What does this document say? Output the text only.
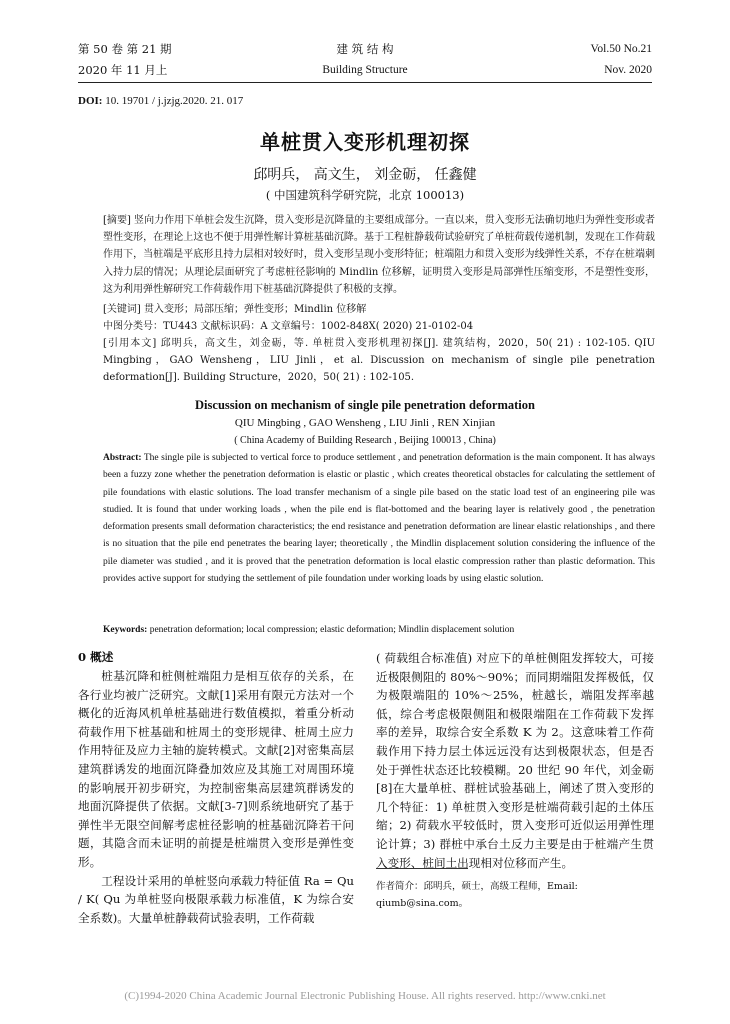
第 50 卷 第 21 期
2020 年 11 月上
建 筑 结 构
Building Structure
Vol.50 No.21
Nov. 2020
DOI: 10. 19701 / j.jzjg.2020. 21. 017
单桩贯入变形机理初探
邱明兵， 高文生， 刘金砺， 任鑫健
( 中国建筑科学研究院，北京 100013)
[摘要] 竖向力作用下单桩会发生沉降，贯入变形是沉降量的主要组成部分。一直以来，贯入变形无法确切地归为弹性变形或者塑性变形，在理论上这也不便于用弹性解计算桩基础沉降。基于工程桩静载荷试验研究了单桩荷载传递机制，发现在工作荷载作用下，当桩端是平底形且持力层相对较好时，贯入变形呈现小变形特征；桩端阻力和贯入变形为线弹性关系，不存在桩端刺入持力层的情况；从理论层面研究了考虑桩径影响的 Mindlin 位移解，证明贯入变形是局部弹性压缩变形，不是塑性变形，这为利用弹性解研究工作荷载作用下桩基础沉降提供了积极的支撑。
[关键词] 贯入变形；局部压缩；弹性变形；Mindlin 位移解
中图分类号：TU443 文献标识码：A 文章编号：1002-848X( 2020) 21-0102-04
[引用本文] 邱明兵，高文生，刘金砺，等. 单桩贯入变形机理初探[J]. 建筑结构，2020，50( 21) : 102-105. QIU Mingbing，GAO Wensheng，LIU Jinli，et al. Discussion on mechanism of single pile penetration deformation[J]. Building Structure，2020，50( 21) : 102-105.
Discussion on mechanism of single pile penetration deformation
QIU Mingbing , GAO Wensheng , LIU Jinli , REN Xinjian
( China Academy of Building Research , Beijing 100013 , China)
Abstract: The single pile is subjected to vertical force to produce settlement , and penetration deformation is the main component. It has always been a fuzzy zone whether the penetration deformation is elastic or plastic , which creates theoretical obstacles for calculating the settlement of pile foundations with elastic solutions. The load transfer mechanism of a single pile based on the static load test of an engineering pile was studied. It is found that under working loads , when the pile end is flat-bottomed and the bearing layer is relatively good , the penetration deformation presents small deformation characteristics; the end resistance and penetration deformation are linear elastic relationships , and there is no situation that the pile end penetrates the bearing layer; theoretically , the Mindlin displacement solution considering the influence of the pile diameter was studied , and it is proved that the penetration deformation is local elastic compression rather than plastic deformation. This provides active support for studying the settlement of pile foundation under working loads by using elastic solution.
Keywords: penetration deformation; local compression; elastic deformation; Mindlin displacement solution
0 概述

桩基沉降和桩侧桩端阻力是相互依存的关系，在各行业均被广泛研究。文献[1]采用有限元方法对一个概化的近海风机单桩基础进行数值模拟，着重分析动荷载作用下桩基础和桩周土的变形规律、桩周土应力作用特征及应力主轴的旋转模式。文献[2]对密集高层建筑群诱发的地面沉降叠加效应及其施工对周围环境的影响展开初步研究，为控制密集高层建筑群诱发的地面沉降提供了依据。文献[3-7]则系统地研究了基于弹性半无限空间解考虑桩径影响的桩基础沉降若干问题，其隐含而未证明的前提是桩端贯入变形是弹性变形。

工程设计采用的单桩竖向承载力特征值 Ra = Qu / K( Qu 为单桩竖向极限承载力标准值，K 为综合安全系数)。大量单桩静载荷试验表明，工作荷载

( 荷载组合标准值) 对应下的单桩侧阻发挥较大，可接近极限侧阻的 80%～90%；而同期端阻发挥极低，仅为极限端阻的 10%～25%，桩越长，端阻发挥率越低，综合考虑极限侧阻和极限端阻在工作荷载下发挥率的差异，取综合安全系数 K 为 2。这意味着工作荷载作用下持力层土体远远没有达到极限状态，但是否处于弹性状态还比较模糊。20 世纪 90 年代，刘金砺[8]在大量单桩、群桩试验基础上，阐述了贯入变形的几个特征：1) 单桩贯入变形是桩端荷载引起的土体压缩；2) 荷载水平较低时，贯入变形可近似运用弹性理论计算；3) 群桩中承台土反力主要是由于桩端产生贯入变形、桩间土出现相对位移而产生。

作者简介：邱明兵，硕士，高级工程师，Email: qiumb@sina.com。
(C)1994-2020 China Academic Journal Electronic Publishing House. All rights reserved. http://www.cnki.net
